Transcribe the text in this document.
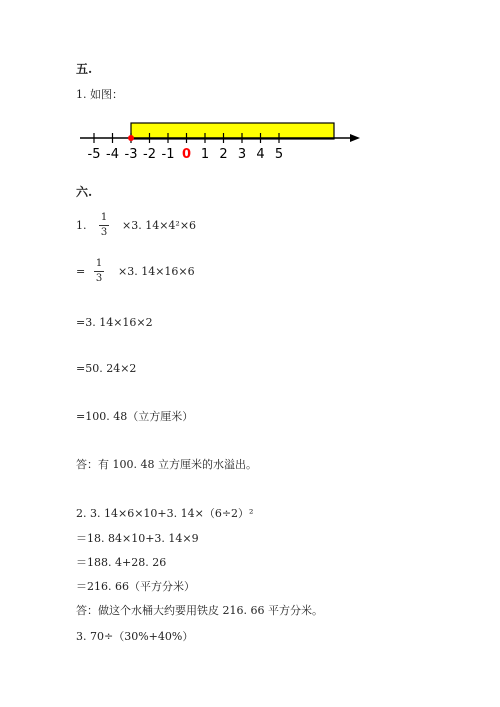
五.
1. 如图：
-5 -4 -3 -2 -1 0 1 2 3 4 5
六.
1.
1
3
×3. 14×4²×6
=
1
3
×3. 14×16×6
=3. 14×16×2
=50. 24×2
=100. 48（立方厘米）
答：有 100. 48 立方厘米的水溢出。
2. 3. 14×6×10+3. 14×（6÷2）²
＝18. 84×10+3. 14×9
＝188. 4+28. 26
＝216. 66（平方分米）
答：做这个水桶大约要用铁皮 216. 66 平方分米。
3. 70÷（30%+40%）
